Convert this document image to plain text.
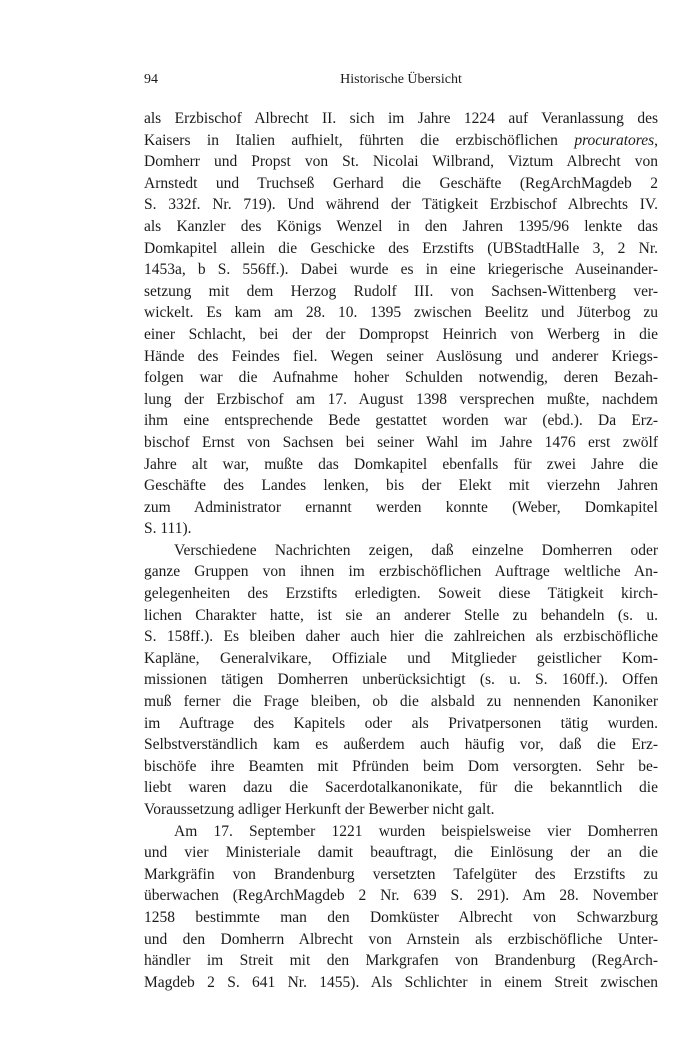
94	Historische Übersicht
als Erzbischof Albrecht II. sich im Jahre 1224 auf Veranlassung des
Kaisers in Italien aufhielt, führten die erzbischöflichen procuratores,
Domherr und Propst von St. Nicolai Wilbrand, Viztum Albrecht von
Arnstedt und Truchseß Gerhard die Geschäfte (RegArchMagdeb 2
S. 332f. Nr. 719). Und während der Tätigkeit Erzbischof Albrechts IV.
als Kanzler des Königs Wenzel in den Jahren 1395/96 lenkte das
Domkapitel allein die Geschicke des Erzstifts (UBStadtHalle 3, 2 Nr.
1453a, b S. 556ff.). Dabei wurde es in eine kriegerische Auseinander-
setzung mit dem Herzog Rudolf III. von Sachsen-Wittenberg ver-
wickelt. Es kam am 28. 10. 1395 zwischen Beelitz und Jüterbog zu
einer Schlacht, bei der der Dompropst Heinrich von Werberg in die
Hände des Feindes fiel. Wegen seiner Auslösung und anderer Kriegs-
folgen war die Aufnahme hoher Schulden notwendig, deren Bezah-
lung der Erzbischof am 17. August 1398 versprechen mußte, nachdem
ihm eine entsprechende Bede gestattet worden war (ebd.). Da Erz-
bischof Ernst von Sachsen bei seiner Wahl im Jahre 1476 erst zwölf
Jahre alt war, mußte das Domkapitel ebenfalls für zwei Jahre die
Geschäfte des Landes lenken, bis der Elekt mit vierzehn Jahren
zum Administrator ernannt werden konnte (Weber, Domkapitel
S. 111).
Verschiedene Nachrichten zeigen, daß einzelne Domherren oder
ganze Gruppen von ihnen im erzbischöflichen Auftrage weltliche An-
gelegenheiten des Erzstifts erledigten. Soweit diese Tätigkeit kirch-
lichen Charakter hatte, ist sie an anderer Stelle zu behandeln (s. u.
S. 158ff.). Es bleiben daher auch hier die zahlreichen als erzbischöfliche
Kapläne, Generalvikare, Offiziale und Mitglieder geistlicher Kom-
missionen tätigen Domherren unberücksichtigt (s. u. S. 160ff.). Offen
muß ferner die Frage bleiben, ob die alsbald zu nennenden Kanoniker
im Auftrage des Kapitels oder als Privatpersonen tätig wurden.
Selbstverständlich kam es außerdem auch häufig vor, daß die Erz-
bischöfe ihre Beamten mit Pfründen beim Dom versorgten. Sehr be-
liebt waren dazu die Sacerdotalkanonikate, für die bekanntlich die
Voraussetzung adliger Herkunft der Bewerber nicht galt.
Am 17. September 1221 wurden beispielsweise vier Domherren
und vier Ministeriale damit beauftragt, die Einlösung der an die
Markgräfin von Brandenburg versetzten Tafelgüter des Erzstifts zu
überwachen (RegArchMagdeb 2 Nr. 639 S. 291). Am 28. November
1258 bestimmte man den Domküster Albrecht von Schwarzburg
und den Domherrn Albrecht von Arnstein als erzbischöfliche Unter-
händler im Streit mit den Markgrafen von Brandenburg (RegArch-
Magdeb 2 S. 641 Nr. 1455). Als Schlichter in einem Streit zwischen
